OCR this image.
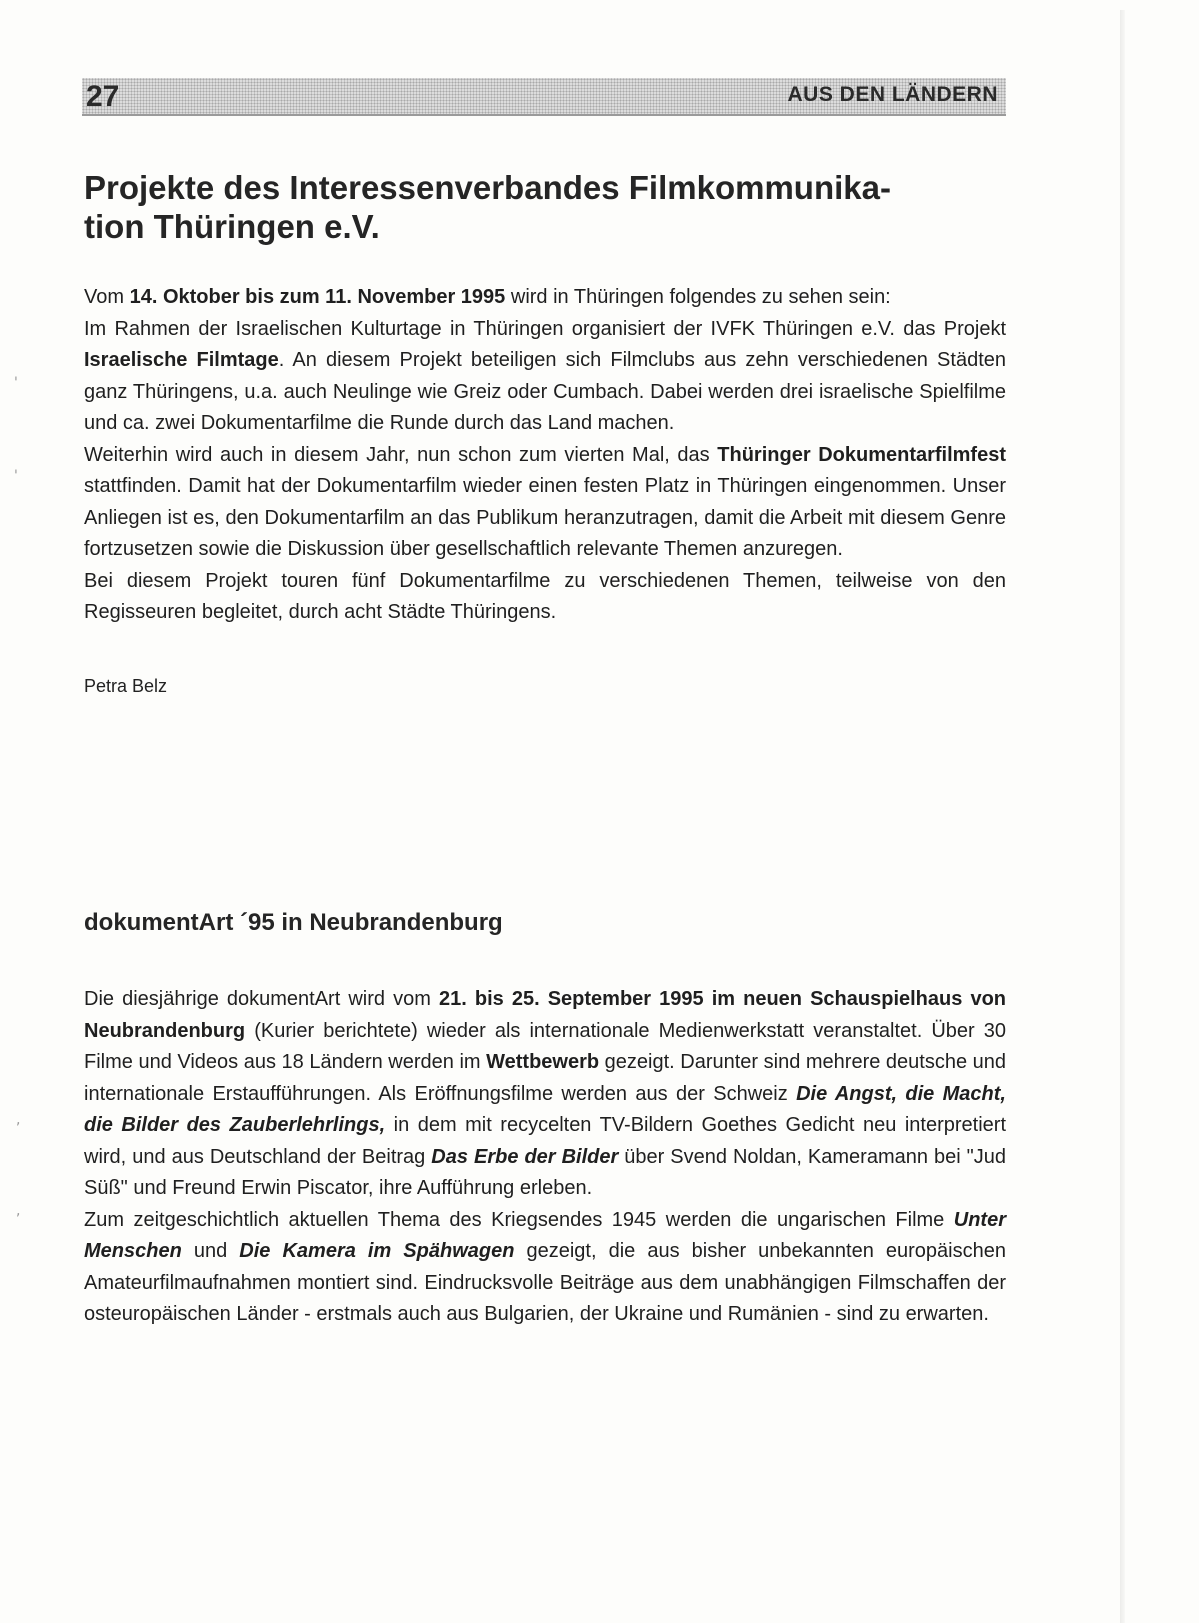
27	AUS DEN LÄNDERN
Projekte des Interessenverbandes Filmkommunika-
tion Thüringen e.V.

Vom 14. Oktober bis zum 11. November 1995 wird in Thüringen folgendes zu sehen sein:

Im Rahmen der Israelischen Kulturtage in Thüringen organisiert der IVFK Thüringen e.V. das Projekt Israelische Filmtage. An diesem Projekt beteiligen sich Filmclubs aus zehn verschiedenen Städten ganz Thüringens, u.a. auch Neulinge wie Greiz oder Cumbach. Dabei werden drei israelische Spielfilme und ca. zwei Dokumentarfilme die Runde durch das Land machen.

Weiterhin wird auch in diesem Jahr, nun schon zum vierten Mal, das Thüringer Dokumentarfilmfest stattfinden. Damit hat der Dokumentarfilm wieder einen festen Platz in Thüringen eingenommen. Unser Anliegen ist es, den Dokumentarfilm an das Publikum heranzutragen, damit die Arbeit mit diesem Genre fortzusetzen sowie die Diskussion über gesellschaftlich relevante Themen anzuregen.

Bei diesem Projekt touren fünf Dokumentarfilme zu verschiedenen Themen, teilweise von den Regisseuren begleitet, durch acht Städte Thüringens.

Petra Belz
dokumentArt ´95 in Neubrandenburg

Die diesjährige dokumentArt wird vom 21. bis 25. September 1995 im neuen Schauspielhaus von Neubrandenburg (Kurier berichtete) wieder als internationale Medienwerkstatt veranstaltet. Über 30 Filme und Videos aus 18 Ländern werden im Wettbewerb gezeigt. Darunter sind mehrere deutsche und internationale Erstaufführungen. Als Eröffnungsfilme werden aus der Schweiz Die Angst, die Macht, die Bilder des Zauberlehrlings, in dem mit recycelten TV-Bildern Goethes Gedicht neu interpretiert wird, und aus Deutschland der Beitrag Das Erbe der Bilder über Svend Noldan, Kameramann bei "Jud Süß" und Freund Erwin Piscator, ihre Aufführung erleben.

Zum zeitgeschichtlich aktuellen Thema des Kriegsendes 1945 werden die ungarischen Filme Unter Menschen und Die Kamera im Spähwagen gezeigt, die aus bisher unbekannten europäischen Amateurfilmaufnahmen montiert sind. Eindrucksvolle Beiträge aus dem unabhängigen Filmschaffen der osteuropäischen Länder - erstmals auch aus Bulgarien, der Ukraine und Rumänien - sind zu erwarten.

'
'
,
,
